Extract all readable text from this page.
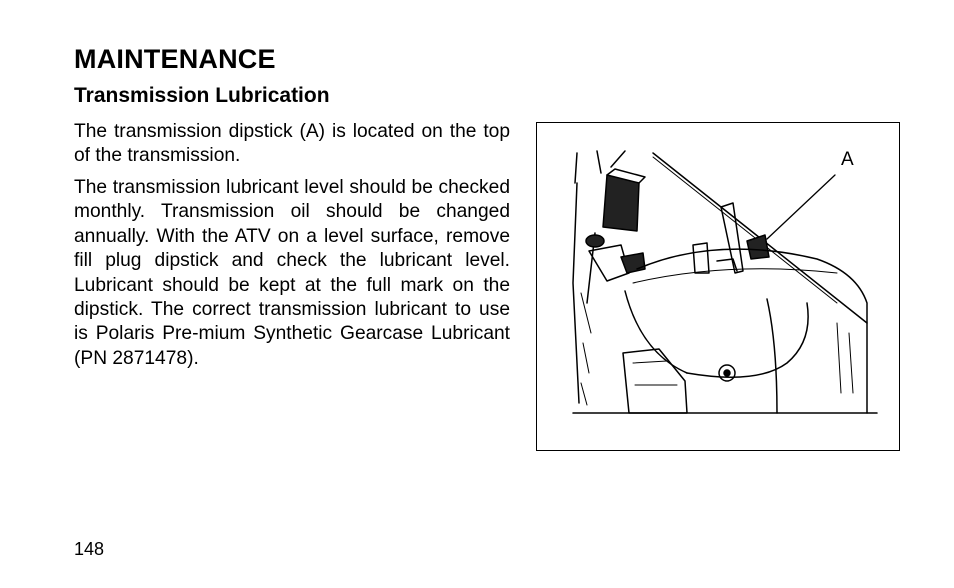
MAINTENANCE
Transmission Lubrication

The transmission dipstick (A) is located on the top of the transmission.

The transmission lubricant level should be checked monthly. Transmission oil should be changed annually. With the ATV on a level surface, remove fill plug dipstick and check the lubricant level. Lubricant should be kept at the full mark on the dipstick. The correct transmission lubricant to use is Polaris Pre-mium Synthetic Gearcase Lubricant (PN 2871478).

A
148
